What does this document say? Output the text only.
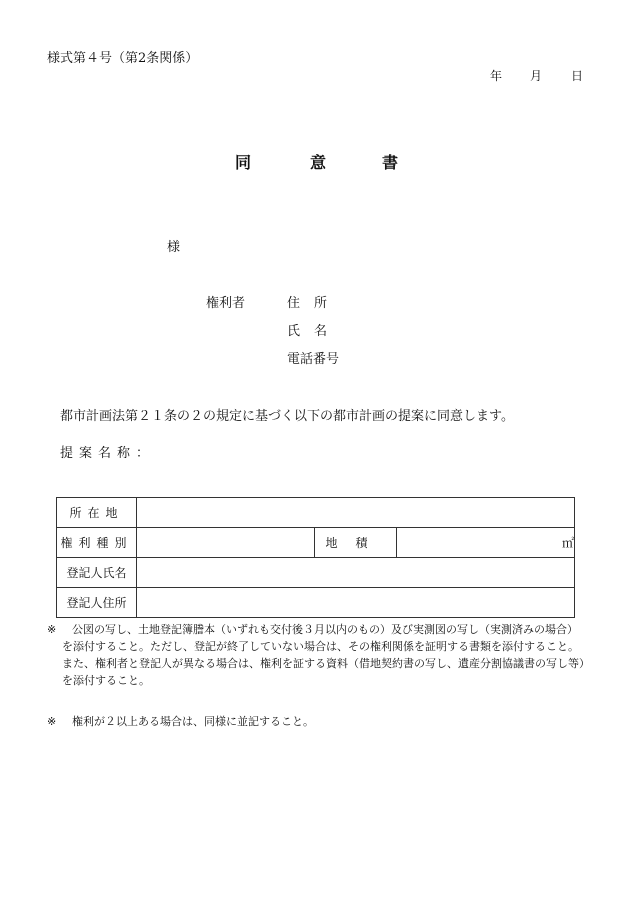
様式第４号（第2条関係）
年 月 日
同	意	書
様
権利者	住所
氏名
電話番号
都市計画法第２１条の２の規定に基づく以下の都市計画の提案に同意します。
提案名称：
所在地			
権利種別		地積	㎡
登記人氏名			
登記人住所			
※	公図の写し、土地登記簿謄本（いずれも交付後３月以内のもの）及び実測図の写し（実測済みの場合）を添付すること。ただし、登記が終了していない場合は、その権利関係を証明する書類を添付すること。また、権利者と登記人が異なる場合は、権利を証する資料（借地契約書の写し、遺産分割協議書の写し等）を添付すること。
※ 権利が２以上ある場合は、同様に並記すること。
